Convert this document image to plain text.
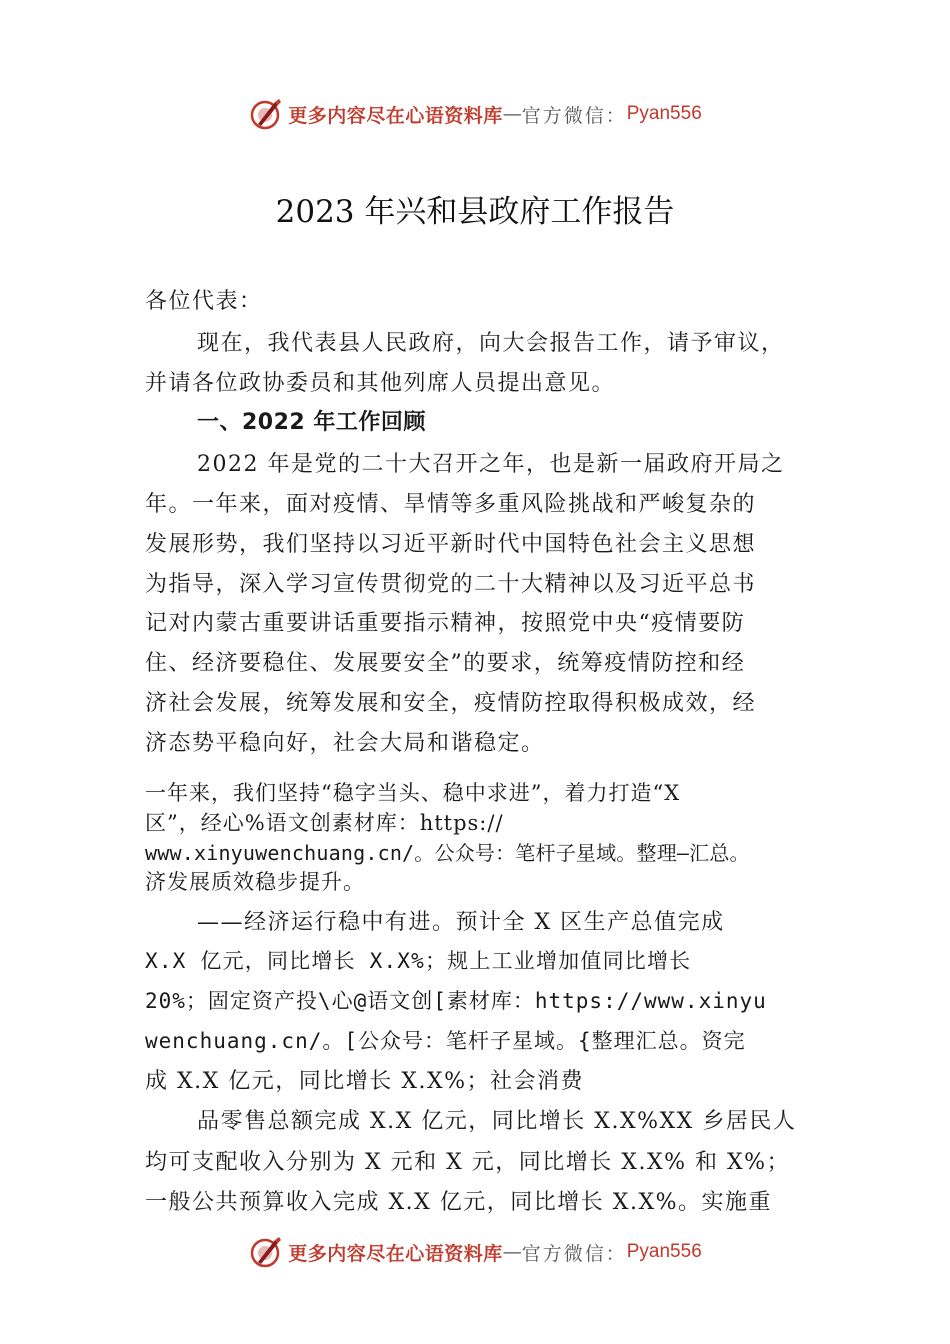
更多内容尽在心语资料库 — 官方微信： Pyan556
2023 年兴和县政府工作报告
各位代表：
现在，我代表县人民政府，向大会报告工作，请予审议，
并请各位政协委员和其他列席人员提出意见。
一、2022 年工作回顾
2022 年是党的二十大召开之年，也是新一届政府开局之
年。一年来，面对疫情、旱情等多重风险挑战和严峻复杂的
发展形势，我们坚持以习近平新时代中国特色社会主义思想
为指导，深入学习宣传贯彻党的二十大精神以及习近平总书
记对内蒙古重要讲话重要指示精神，按照党中央“疫情要防
住、经济要稳住、发展要安全”的要求，统筹疫情防控和经
济社会发展，统筹发展和安全，疫情防控取得积极成效，经
济态势平稳向好，社会大局和谐稳定。
一年来，我们坚持“稳字当头、稳中求进”，着力打造“X
区”，经心%语文创素材库：https://
www.xinyuwenchuang.cn/。公众号：笔杆子星域。整理—汇总。
济发展质效稳步提升。
——经济运行稳中有进。预计全 X 区生产总值完成
X.X 亿元，同比增长 X.X%；规上工业增加值同比增长
20%；固定资产投\心@语文创[素材库：https://www.xinyu
wenchuang.cn/。[公众号：笔杆子星域。{整理汇总。资完
成 X.X 亿元，同比增长 X.X%；社会消费
品零售总额完成 X.X 亿元，同比增长 X.X%XX 乡居民人
均可支配收入分别为 X 元和 X 元，同比增长 X.X% 和 X%；
一般公共预算收入完成 X.X 亿元，同比增长 X.X%。实施重
更多内容尽在心语资料库 — 官方微信： Pyan556
